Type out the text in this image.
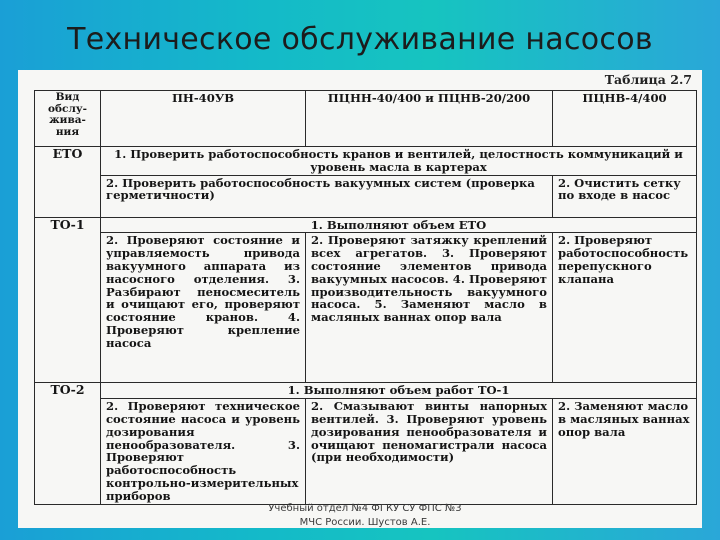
Техническое обслуживание насосов
Таблица 2.7
Вид обслу- жива- ния	ПН-40УВ	ПЦНН-40/400 и ПЦНВ-20/200	ПЦНВ-4/400
ЕТО	1. Проверить работоспособность кранов и вентилей, целостность коммуникаций и уровень масла в картерах		
	2. Проверить работоспособность вакуумных систем (проверка герметичности)		2. Очистить сетку по входе в насос
ТО-1	1. Выполняют объем ЕТО		
	2. Проверяют состояние и управляемость привода вакуумного аппарата из насосного отделения. 3. Разбирают пеносмеситель и очищают его, проверяют состояние кранов. 4. Проверяют крепление насоса	2. Проверяют затяжку креплений всех агрегатов. 3. Проверяют состояние элементов привода вакуумных насосов. 4. Проверяют производительность вакуумного насоса. 5. Заменяют масло в масляных ваннах опор вала	2. Проверяют работоспособность перепускного клапана
ТО-2	1. Выполняют объем работ ТО-1		
	2. Проверяют техническое состояние насоса и уровень дозирования пенообразователя. 3. Проверяют работоспособность контрольно-измерительных приборов	2. Смазывают винты напорных вентилей. 3. Проверяют уровень дозирования пенообразователя и очищают пеномагистрали насоса (при необходимости)	2. Заменяют масло в масляных ваннах опор вала
Учебный отдел №4 ФГКУ СУ ФПС №3
МЧС России. Шустов А.Е.
